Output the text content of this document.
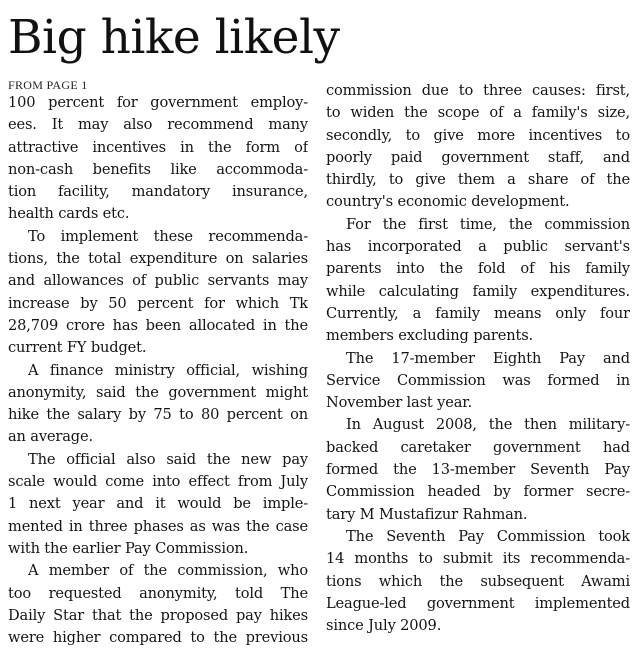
Big hike likely
FROM PAGE 1
100 percent for government employ-
ees. It may also recommend many
attractive incentives in the form of
non-cash benefits like accommoda-
tion facility, mandatory insurance,
health cards etc.
To implement these recommenda-
tions, the total expenditure on salaries
and allowances of public servants may
increase by 50 percent for which Tk
28,709 crore has been allocated in the
current FY budget.
A finance ministry official, wishing
anonymity, said the government might
hike the salary by 75 to 80 percent on
an average.
The official also said the new pay
scale would come into effect from July
1 next year and it would be imple-
mented in three phases as was the case
with the earlier Pay Commission.
A member of the commission, who
too requested anonymity, told The
Daily Star that the proposed pay hikes
were higher compared to the previous
commission due to three causes: first,
to widen the scope of a family's size,
secondly, to give more incentives to
poorly paid government staff, and
thirdly, to give them a share of the
country's economic development.
For the first time, the commission
has incorporated a public servant's
parents into the fold of his family
while calculating family expenditures.
Currently, a family means only four
members excluding parents.
The 17-member Eighth Pay and
Service Commission was formed in
November last year.
In August 2008, the then military-
backed caretaker government had
formed the 13-member Seventh Pay
Commission headed by former secre-
tary M Mustafizur Rahman.
The Seventh Pay Commission took
14 months to submit its recommenda-
tions which the subsequent Awami
League-led government implemented
since July 2009.
